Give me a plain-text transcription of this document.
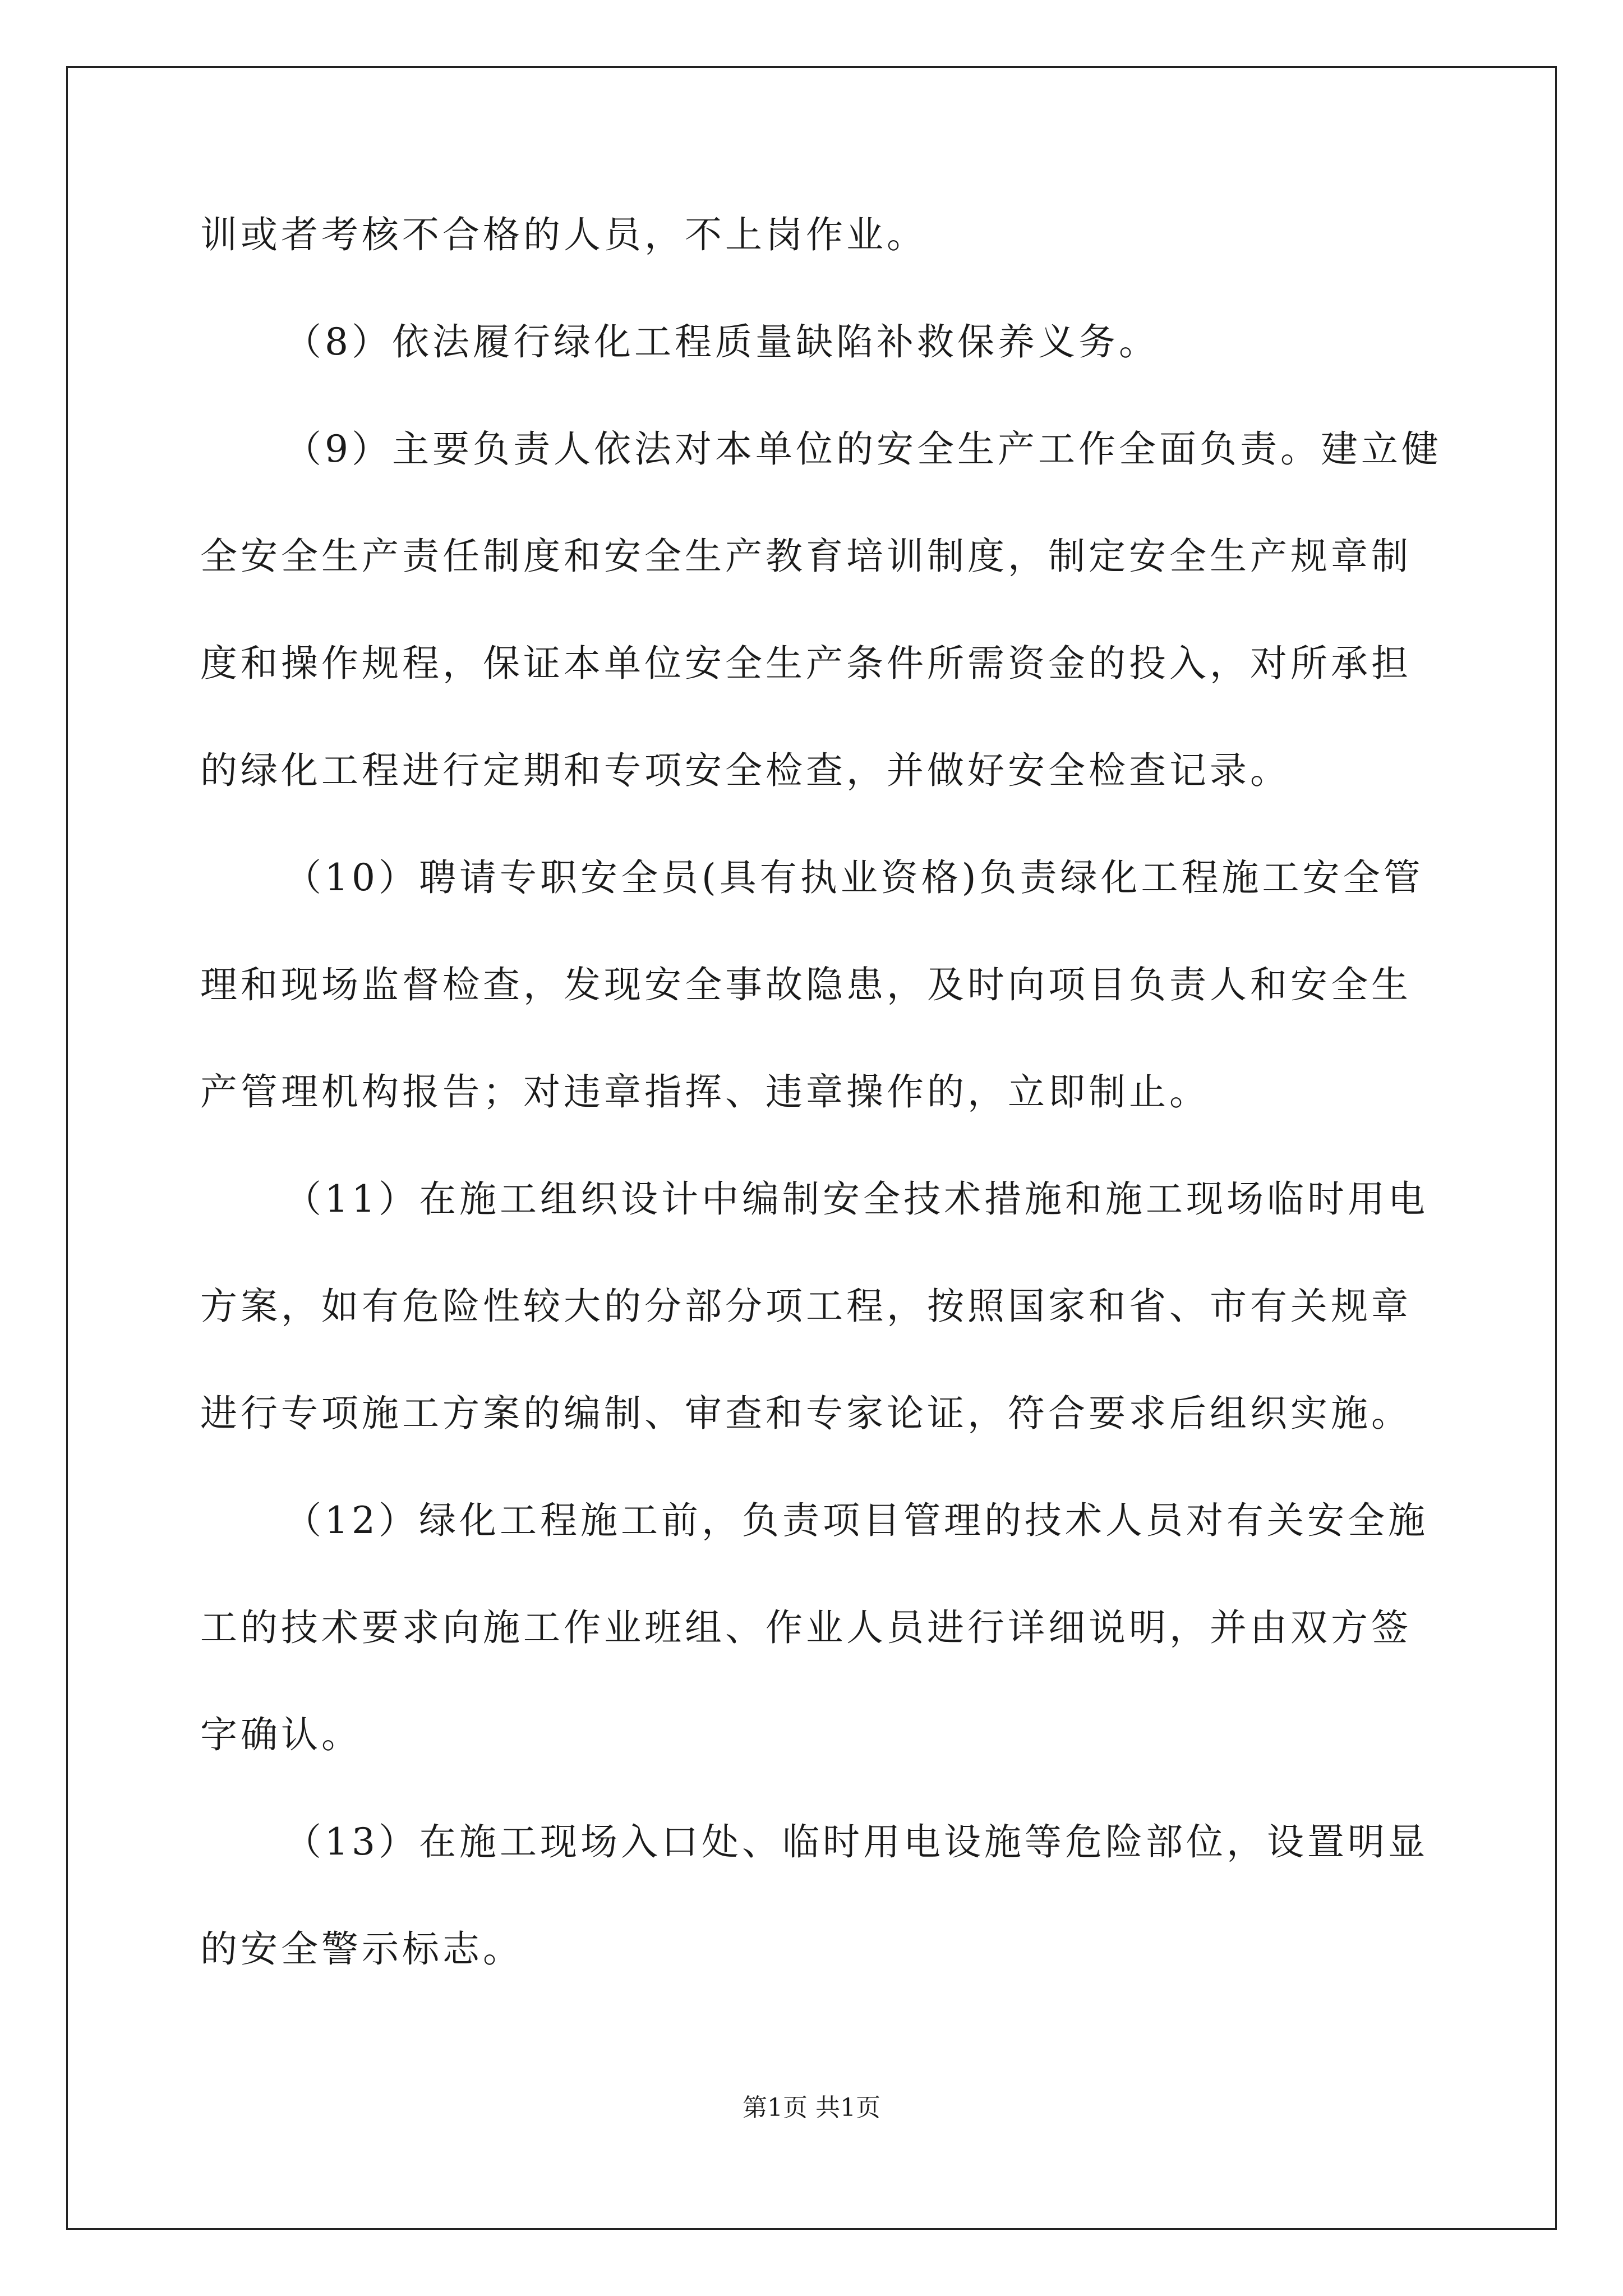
训或者考核不合格的人员，不上岗作业。
（8）依法履行绿化工程质量缺陷补救保养义务。
（9）主要负责人依法对本单位的安全生产工作全面负责。建立健
全安全生产责任制度和安全生产教育培训制度，制定安全生产规章制
度和操作规程，保证本单位安全生产条件所需资金的投入，对所承担
的绿化工程进行定期和专项安全检查，并做好安全检查记录。
（10）聘请专职安全员(具有执业资格)负责绿化工程施工安全管
理和现场监督检查，发现安全事故隐患，及时向项目负责人和安全生
产管理机构报告；对违章指挥、违章操作的，立即制止。
（11）在施工组织设计中编制安全技术措施和施工现场临时用电
方案，如有危险性较大的分部分项工程，按照国家和省、市有关规章
进行专项施工方案的编制、审查和专家论证，符合要求后组织实施。
（12）绿化工程施工前，负责项目管理的技术人员对有关安全施
工的技术要求向施工作业班组、作业人员进行详细说明，并由双方签
字确认。
（13）在施工现场入口处、临时用电设施等危险部位，设置明显
的安全警示标志。
第1页 共1页
